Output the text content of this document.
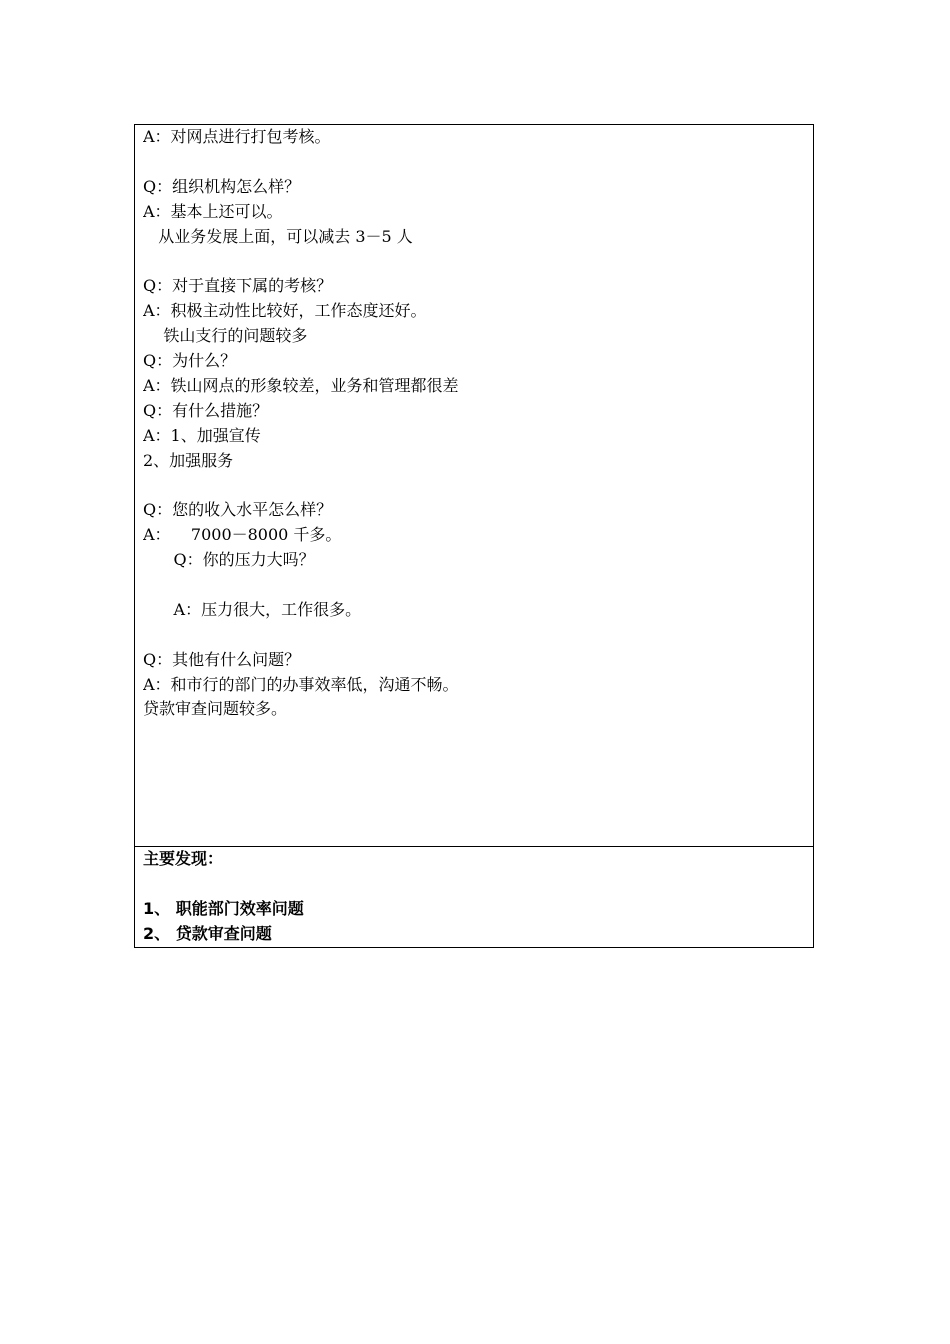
A：对网点进行打包考核。
Q：组织机构怎么样？
A：基本上还可以。
从业务发展上面，可以减去 3－5 人
Q：对于直接下属的考核？
A：积极主动性比较好，工作态度还好。
铁山支行的问题较多
Q：为什么？
A：铁山网点的形象较差，业务和管理都很差
Q：有什么措施？
A：1、加强宣传
2、加强服务
Q：您的收入水平怎么样？
A：    7000－8000 千多。
Q：你的压力大吗？
A：压力很大，工作很多。
Q：其他有什么问题？
A：和市行的部门的办事效率低，沟通不畅。
贷款审查问题较多。
主要发现：
1、 职能部门效率问题
2、 贷款审查问题
